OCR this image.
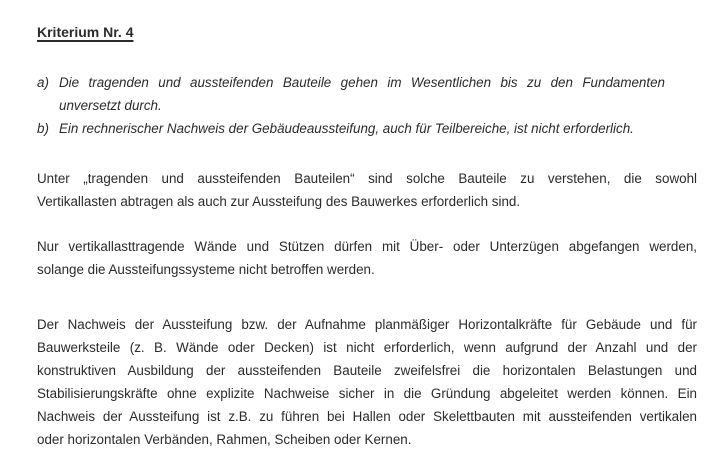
Kriterium Nr. 4
a) Die tragenden und aussteifenden Bauteile gehen im Wesentlichen bis zu den Fundamenten
unversetzt durch.
b) Ein rechnerischer Nachweis der Gebäudeaussteifung, auch für Teilbereiche, ist nicht erforderlich.
Unter „tragenden und aussteifenden Bauteilen“ sind solche Bauteile zu verstehen, die sowohl
Vertikallasten abtragen als auch zur Aussteifung des Bauwerkes erforderlich sind.
Nur vertikallasttragende Wände und Stützen dürfen mit Über- oder Unterzügen abgefangen werden,
solange die Aussteifungssysteme nicht betroffen werden.
Der Nachweis der Aussteifung bzw. der Aufnahme planmäßiger Horizontalkräfte für Gebäude und für
Bauwerksteile (z. B. Wände oder Decken) ist nicht erforderlich, wenn aufgrund der Anzahl und der
konstruktiven Ausbildung der aussteifenden Bauteile zweifelsfrei die horizontalen Belastungen und
Stabilisierungskräfte ohne explizite Nachweise sicher in die Gründung abgeleitet werden können. Ein
Nachweis der Aussteifung ist z.B. zu führen bei Hallen oder Skelettbauten mit aussteifenden vertikalen
oder horizontalen Verbänden, Rahmen, Scheiben oder Kernen.
